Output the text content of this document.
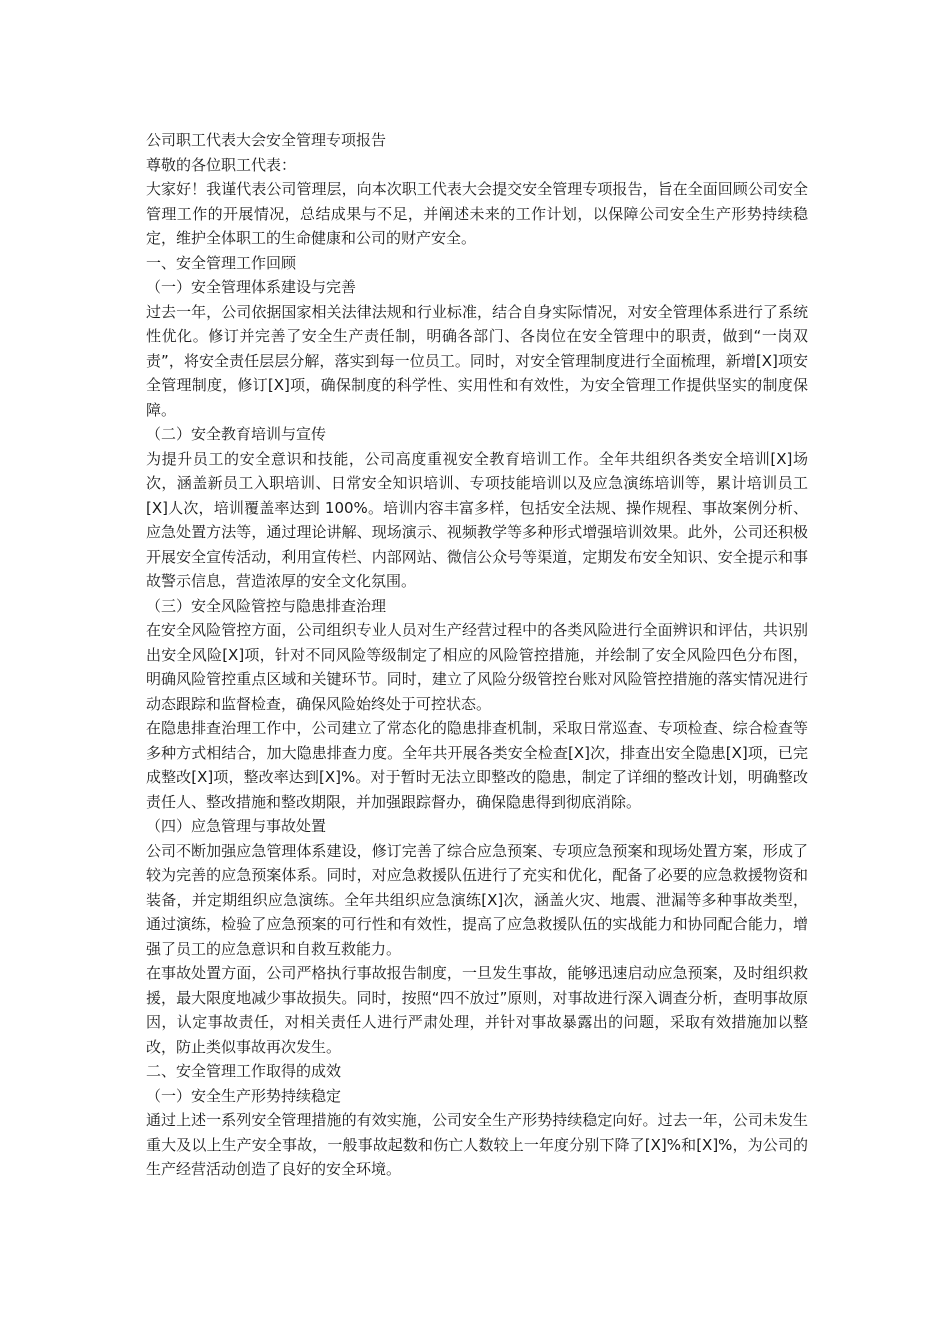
公司职工代表大会安全管理专项报告

尊敬的各位职工代表：

大家好！我谨代表公司管理层，向本次职工代表大会提交安全管理专项报告，旨在全面回顾公司安全管理工作的开展情况，总结成果与不足，并阐述未来的工作计划，以保障公司安全生产形势持续稳定，维护全体职工的生命健康和公司的财产安全。

一、安全管理工作回顾

（一）安全管理体系建设与完善

过去一年，公司依据国家相关法律法规和行业标准，结合自身实际情况，对安全管理体系进行了系统性优化。修订并完善了安全生产责任制，明确各部门、各岗位在安全管理中的职责，做到“一岗双责”，将安全责任层层分解，落实到每一位员工。同时，对安全管理制度进行全面梳理，新增[X]项安全管理制度，修订[X]项，确保制度的科学性、实用性和有效性，为安全管理工作提供坚实的制度保障。

（二）安全教育培训与宣传

为提升员工的安全意识和技能，公司高度重视安全教育培训工作。全年共组织各类安全培训[X]场次，涵盖新员工入职培训、日常安全知识培训、专项技能培训以及应急演练培训等，累计培训员工[X]人次，培训覆盖率达到 100%。培训内容丰富多样，包括安全法规、操作规程、事故案例分析、应急处置方法等，通过理论讲解、现场演示、视频教学等多种形式增强培训效果。此外，公司还积极开展安全宣传活动，利用宣传栏、内部网站、微信公众号等渠道，定期发布安全知识、安全提示和事故警示信息，营造浓厚的安全文化氛围。

（三）安全风险管控与隐患排查治理

在安全风险管控方面，公司组织专业人员对生产经营过程中的各类风险进行全面辨识和评估，共识别出安全风险[X]项，针对不同风险等级制定了相应的风险管控措施，并绘制了安全风险四色分布图，明确风险管控重点区域和关键环节。同时，建立了风险分级管控台账对风险管控措施的落实情况进行动态跟踪和监督检查，确保风险始终处于可控状态。

在隐患排查治理工作中，公司建立了常态化的隐患排查机制，采取日常巡查、专项检查、综合检查等多种方式相结合，加大隐患排查力度。全年共开展各类安全检查[X]次，排查出安全隐患[X]项，已完成整改[X]项，整改率达到[X]%。对于暂时无法立即整改的隐患，制定了详细的整改计划，明确整改责任人、整改措施和整改期限，并加强跟踪督办，确保隐患得到彻底消除。

（四）应急管理与事故处置

公司不断加强应急管理体系建设，修订完善了综合应急预案、专项应急预案和现场处置方案，形成了较为完善的应急预案体系。同时，对应急救援队伍进行了充实和优化，配备了必要的应急救援物资和装备，并定期组织应急演练。全年共组织应急演练[X]次，涵盖火灾、地震、泄漏等多种事故类型，通过演练，检验了应急预案的可行性和有效性，提高了应急救援队伍的实战能力和协同配合能力，增强了员工的应急意识和自救互救能力。

在事故处置方面，公司严格执行事故报告制度，一旦发生事故，能够迅速启动应急预案，及时组织救援，最大限度地减少事故损失。同时，按照“四不放过”原则，对事故进行深入调查分析，查明事故原因，认定事故责任，对相关责任人进行严肃处理，并针对事故暴露出的问题，采取有效措施加以整改，防止类似事故再次发生。

二、安全管理工作取得的成效

（一）安全生产形势持续稳定

通过上述一系列安全管理措施的有效实施，公司安全生产形势持续稳定向好。过去一年，公司未发生重大及以上生产安全事故，一般事故起数和伤亡人数较上一年度分别下降了[X]%和[X]%，为公司的生产经营活动创造了良好的安全环境。
